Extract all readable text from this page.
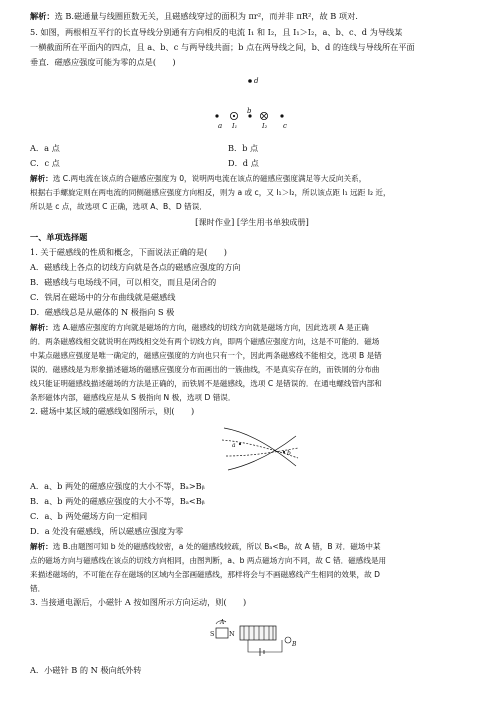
解析：选 B.磁通量与线圈匝数无关，且磁感线穿过的面积为 πr²，而并非 πR²，故 B 项对.
5. 如图，两根相互平行的长直导线分别通有方向相反的电流 I₁ 和 I₂，且 I₁＞I₂，a、b、c、d 为导线某
一横截面所在平面内的四点，且 a、b、c 与两导线共面；b 点在两导线之间，b、d 的连线与导线所在平面
垂直．磁感应强度可能为零的点是(　　)
d
a I₁
b
I₂ c
A．a 点	B．b 点
C．c 点	D．d 点
解析：选 C.两电流在该点的合磁感应强度为 0，说明两电流在该点的磁感应强度满足等大反向关系，
根据右手螺旋定则在两电流的同侧磁感应强度方向相反，则为 a 或 c，又 I₁＞I₂，所以该点距 I₁ 远距 I₂ 近，
所以是 c 点，故选项 C 正确，选项 A、B、D 错误．
[课时作业] [学生用书单独成册]
一、单项选择题
1. 关于磁感线的性质和概念，下面说法正确的是(　　)
A．磁感线上各点的切线方向就是各点的磁感应强度的方向
B．磁感线与电场线不同，可以相交，而且是闭合的
C．铁屑在磁场中的分布曲线就是磁感线
D．磁感线总是从磁体的 N 极指向 S 极
解析：选 A.磁感应强度的方向就是磁场的方向，磁感线的切线方向就是磁场方向，因此选项 A 是正确
的．两条磁感线相交就说明在两线相交处有两个切线方向，即两个磁感应强度方向，这是不可能的．磁场
中某点磁感应强度是唯一确定的，磁感应强度的方向也只有一个，因此两条磁感线不能相交，选项 B 是错
误的．磁感线是为形象描述磁场的磁感应强度分布而画出的一簇曲线，不是真实存在的，而铁屑的分布曲
线只能证明磁感线描述磁场的方法是正确的，而铁屑不是磁感线，选项 C 是错误的．在通电螺线管内部和
条形磁体内部，磁感线应是从 S 极指向 N 极，选项 D 错误．
2. 磁场中某区域的磁感线如图所示，则(　　)
a
b
A．a、b 两处的磁感应强度的大小不等，Bₐ>Bᵦ
B．a、b 两处的磁感应强度的大小不等，Bₐ<Bᵦ
C．a、b 两处磁场方向一定相同
D．a 处没有磁感线，所以磁感应强度为零
解析：选 B.由题图可知 b 处的磁感线较密，a 处的磁感线较疏，所以 Bₐ<Bᵦ，故 A 错，B 对．磁场中某
点的磁场方向与磁感线在该点的切线方向相同，由图判断，a、b 两点磁场方向不同，故 C 错．磁感线是用
来描述磁场的，不可能在存在磁场的区域内全部画磁感线，那样将会与不画磁感线产生相同的效果，故 D
错．
3. 当接通电源后，小磁针 A 按如图所示方向运动，则(　　)
S N
A
B
A．小磁针 B 的 N 极向纸外转
